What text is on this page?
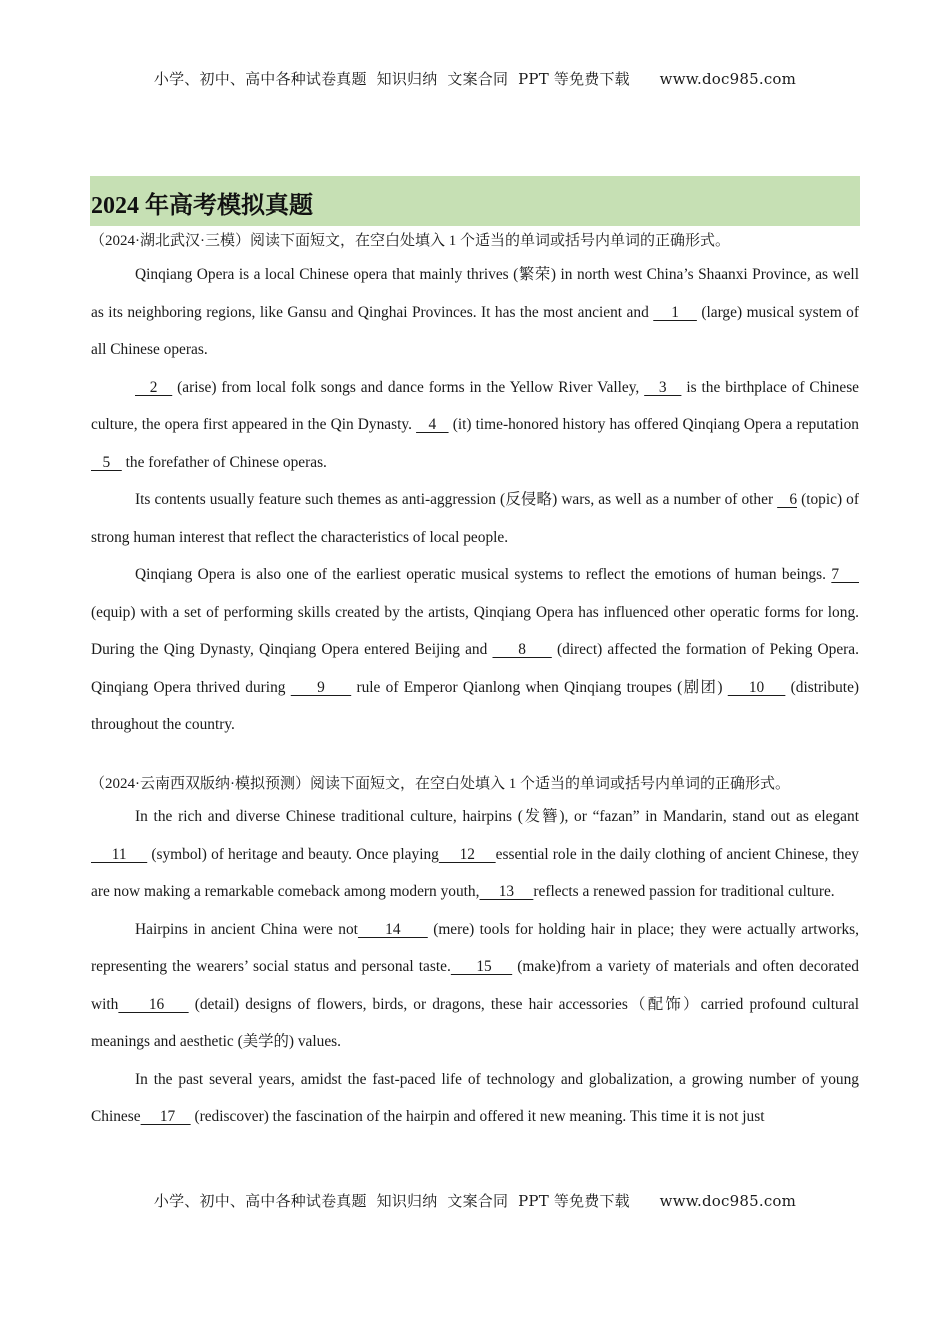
小学、初中、高中各种试卷真题  知识归纳  文案合同  PPT 等免费下载      www.doc985.com
2024 年高考模拟真题

（2024·湖北武汉·三模）阅读下面短文，在空白处填入 1 个适当的单词或括号内单词的正确形式。

Qinqiang Opera is a local Chinese opera that mainly thrives (繁荣) in north west China’s Shaanxi Province, as well as its neighboring regions, like Gansu and Qinghai Provinces. It has the most ancient and     1     (large) musical system of all Chinese operas.

2    (arise) from local folk songs and dance forms in the Yellow River Valley,    3    is the birthplace of Chinese culture, the opera first appeared in the Qin Dynasty.    4    (it) time-honored history has offered Qinqiang Opera a reputation    5    the forefather of Chinese operas.

Its contents usually feature such themes as anti-aggression (反侵略) wars, as well as a number of other    6 (topic) of strong human interest that reflect the characteristics of local people.

Qinqiang Opera is also one of the earliest operatic musical systems to reflect the emotions of human beings. 7     (equip) with a set of performing skills created by the artists, Qinqiang Opera has influenced other operatic forms for long. During the Qing Dynasty, Qinqiang Opera entered Beijing and      8      (direct) affected the formation of Peking Opera. Qinqiang Opera thrived during      9      rule of Emperor Qianlong when Qinqiang troupes (剧团)     10     (distribute) throughout the country.

（2024·云南西双版纳·模拟预测）阅读下面短文，在空白处填入 1 个适当的单词或括号内单词的正确形式。

In the rich and diverse Chinese traditional culture, hairpins (发簪), or “fazan” in Mandarin, stand out as elegant     11      (symbol) of heritage and beauty. Once playing     12     essential role in the daily clothing of ancient Chinese, they are now making a remarkable comeback among modern youth,     13     reflects a renewed passion for traditional culture.

Hairpins in ancient China were not     14      (mere) tools for holding hair in place; they were actually artworks, representing the wearers’ social status and personal taste.     15     (make)from a variety of materials and often decorated with     16     (detail) designs of flowers, birds, or dragons, these hair accessories（配饰）carried profound cultural meanings and aesthetic (美学的) values.

In the past several years, amidst the fast-paced life of technology and globalization, a growing number of young Chinese     17     (rediscover) the fascination of the hairpin and offered it new meaning. This time it is not just

小学、初中、高中各种试卷真题  知识归纳  文案合同  PPT 等免费下载      www.doc985.com
